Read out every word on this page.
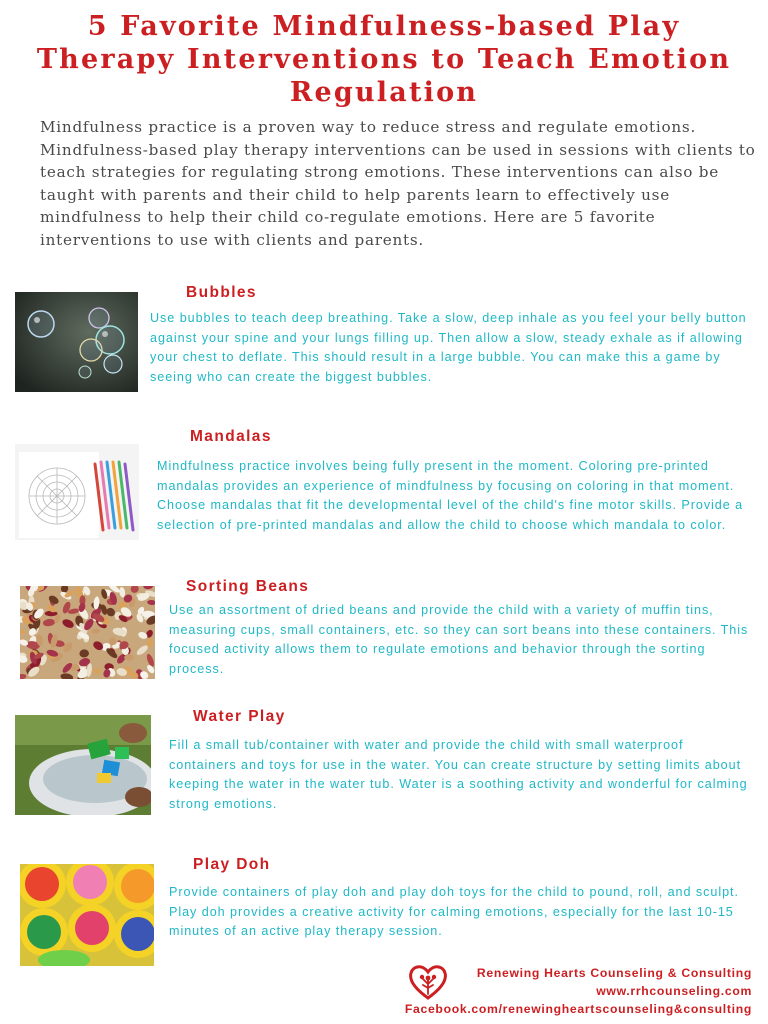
5 Favorite Mindfulness-based Play Therapy Interventions to Teach Emotion Regulation

Mindfulness practice is a proven way to reduce stress and regulate emotions. Mindfulness-based play therapy interventions can be used in sessions with clients to teach strategies for regulating strong emotions. These interventions can also be taught with parents and their child to help parents learn to effectively use mindfulness to help their child co-regulate emotions. Here are 5 favorite interventions to use with clients and parents.

Bubbles

Use bubbles to teach deep breathing. Take a slow, deep inhale as you feel your belly button against your spine and your lungs filling up. Then allow a slow, steady exhale as if allowing your chest to deflate. This should result in a large bubble. You can make this a game by seeing who can create the biggest bubbles.

Mandalas

Mindfulness practice involves being fully present in the moment. Coloring pre-printed mandalas provides an experience of mindfulness by focusing on coloring in that moment. Choose mandalas that fit the developmental level of the child's fine motor skills. Provide a selection of pre-printed mandalas and allow the child to choose which mandala to color.

Sorting Beans

Use an assortment of dried beans and provide the child with a variety of muffin tins, measuring cups, small containers, etc. so they can sort beans into these containers. This focused activity allows them to regulate emotions and behavior through the sorting process.

Water Play

Fill a small tub/container with water and provide the child with small waterproof containers and toys for use in the water. You can create structure by setting limits about keeping the water in the water tub. Water is a soothing activity and wonderful for calming strong emotions.

Play Doh

Provide containers of play doh and play doh toys for the child to pound, roll, and sculpt. Play doh provides a creative activity for calming emotions, especially for the last 10-15 minutes of an active play therapy session.

Renewing Hearts Counseling & Consulting

www.rrhcounseling.com

Facebook.com/renewingheartscounseling&consulting
